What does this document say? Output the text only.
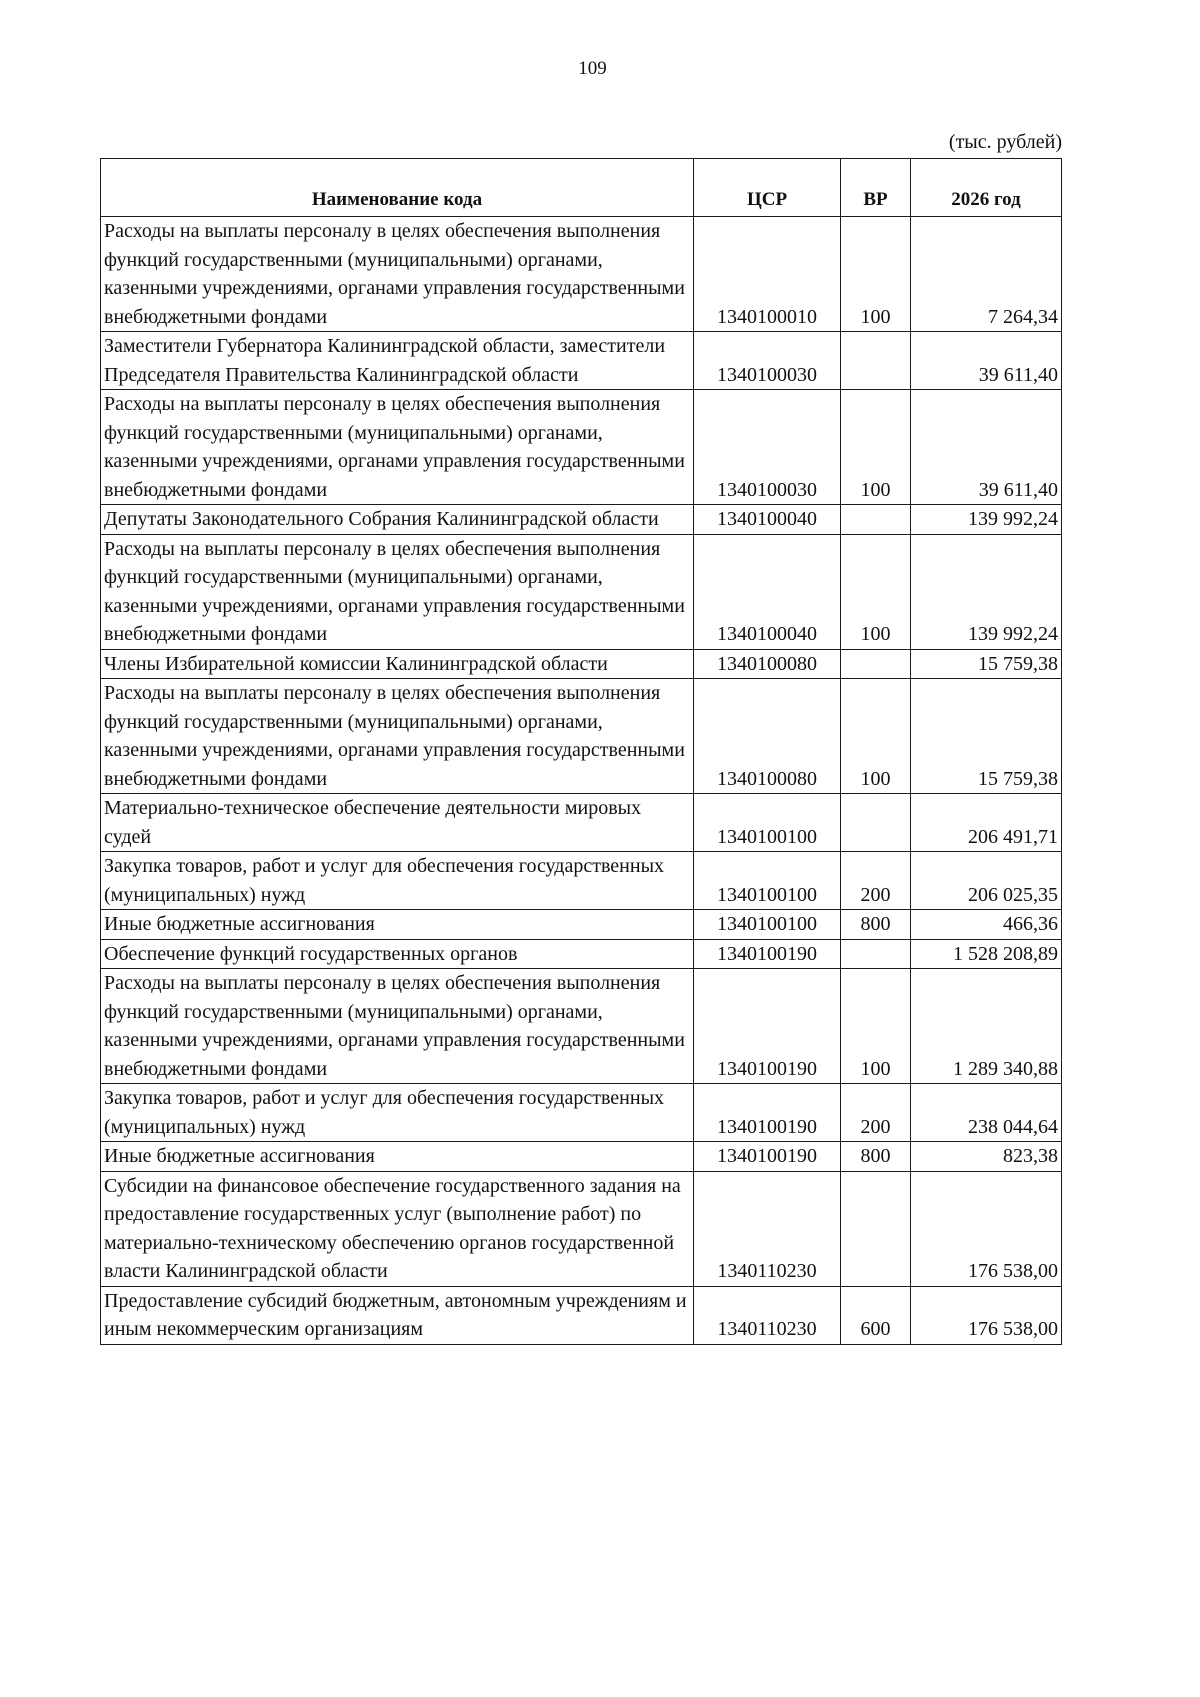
109
(тыс. рублей)
Наименование кода	ЦСР	ВР	2026 год
Расходы на выплаты персоналу в целях обеспечения выполнения функций государственными (муниципальными) органами, казенными учреждениями, органами управления государственными внебюджетными фондами	1340100010	100	7 264,34
Заместители Губернатора Калининградской области, заместители Председателя Правительства Калининградской области	1340100030		39 611,40
Расходы на выплаты персоналу в целях обеспечения выполнения функций государственными (муниципальными) органами, казенными учреждениями, органами управления государственными внебюджетными фондами	1340100030	100	39 611,40
Депутаты Законодательного Собрания Калининградской области	1340100040		139 992,24
Расходы на выплаты персоналу в целях обеспечения выполнения функций государственными (муниципальными) органами, казенными учреждениями, органами управления государственными внебюджетными фондами	1340100040	100	139 992,24
Члены Избирательной комиссии Калининградской области	1340100080		15 759,38
Расходы на выплаты персоналу в целях обеспечения выполнения функций государственными (муниципальными) органами, казенными учреждениями, органами управления государственными внебюджетными фондами	1340100080	100	15 759,38
Материально-техническое обеспечение деятельности мировых судей	1340100100		206 491,71
Закупка товаров, работ и услуг для обеспечения государственных (муниципальных) нужд	1340100100	200	206 025,35
Иные бюджетные ассигнования	1340100100	800	466,36
Обеспечение функций государственных органов	1340100190		1 528 208,89
Расходы на выплаты персоналу в целях обеспечения выполнения функций государственными (муниципальными) органами, казенными учреждениями, органами управления государственными внебюджетными фондами	1340100190	100	1 289 340,88
Закупка товаров, работ и услуг для обеспечения государственных (муниципальных) нужд	1340100190	200	238 044,64
Иные бюджетные ассигнования	1340100190	800	823,38
Субсидии на финансовое обеспечение государственного задания на предоставление государственных услуг (выполнение работ) по материально-техническому обеспечению органов государственной власти Калининградской области	1340110230		176 538,00
Предоставление субсидий бюджетным, автономным учреждениям и иным некоммерческим организациям	1340110230	600	176 538,00
